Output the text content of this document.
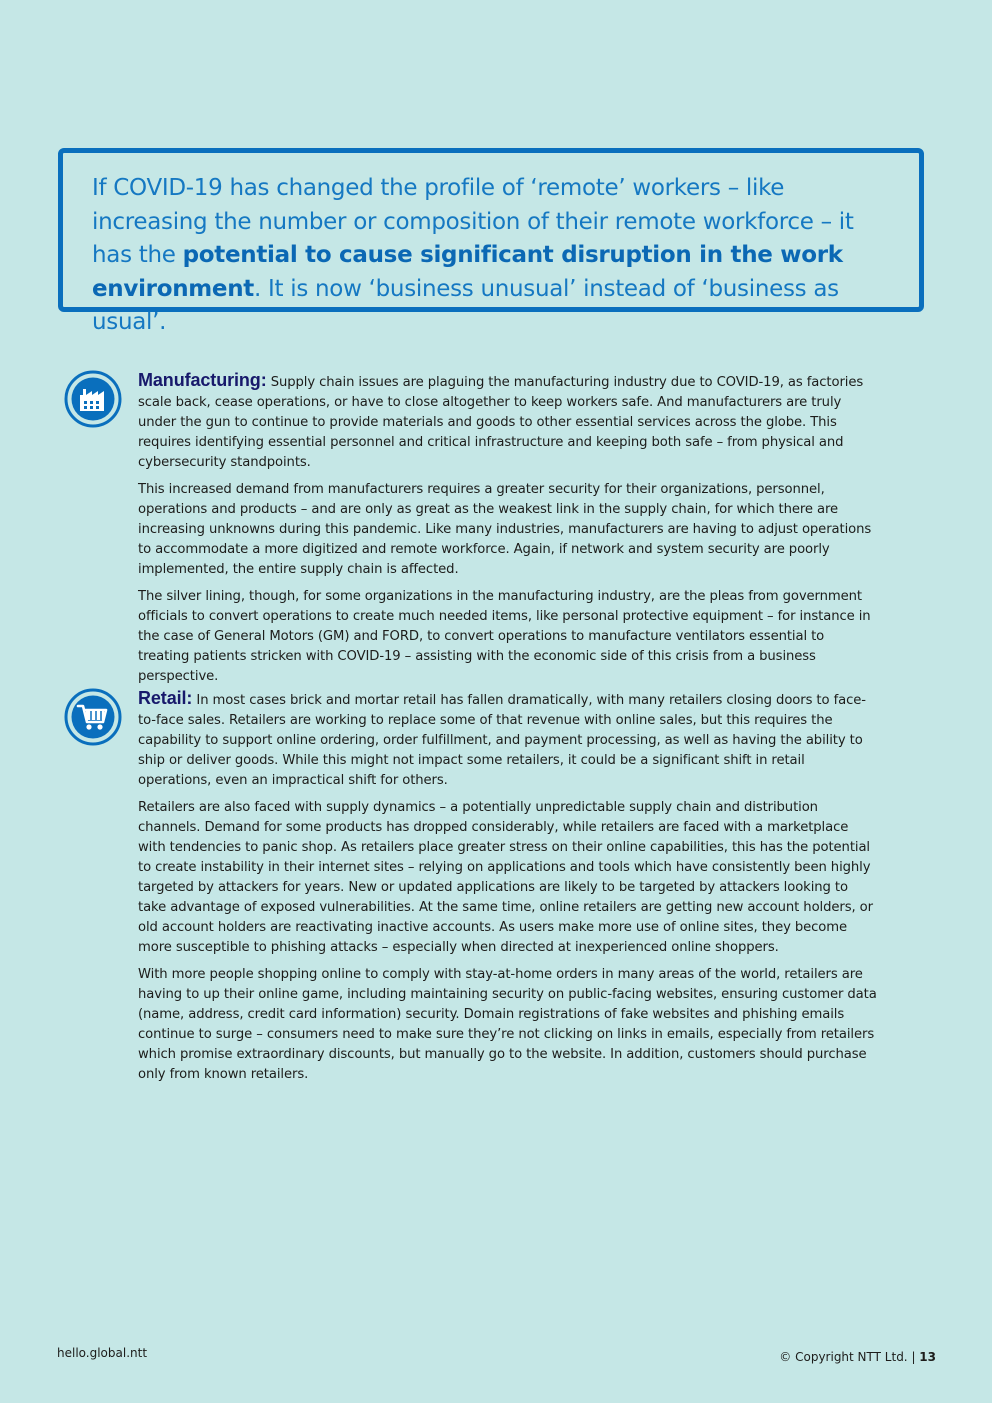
If COVID-19 has changed the profile of ‘remote’ workers – like increasing the number or composition of their remote workforce – it has the potential to cause significant disruption in the work environment. It is now ‘business unusual’ instead of ‘business as usual’.

Manufacturing: Supply chain issues are plaguing the manufacturing industry due to COVID-19, as factories scale back, cease operations, or have to close altogether to keep workers safe. And manufacturers are truly under the gun to continue to provide materials and goods to other essential services across the globe. This requires identifying essential personnel and critical infrastructure and keeping both safe – from physical and cybersecurity standpoints.

This increased demand from manufacturers requires a greater security for their organizations, personnel, operations and products – and are only as great as the weakest link in the supply chain, for which there are increasing unknowns during this pandemic. Like many industries, manufacturers are having to adjust operations to accommodate a more digitized and remote workforce. Again, if network and system security are poorly implemented, the entire supply chain is affected.

The silver lining, though, for some organizations in the manufacturing industry, are the pleas from government officials to convert operations to create much needed items, like personal protective equipment – for instance in the case of General Motors (GM) and FORD, to convert operations to manufacture ventilators essential to treating patients stricken with COVID-19 – assisting with the economic side of this crisis from a business perspective.

Retail: In most cases brick and mortar retail has fallen dramatically, with many retailers closing doors to face-to-face sales. Retailers are working to replace some of that revenue with online sales, but this requires the capability to support online ordering, order fulfillment, and payment processing, as well as having the ability to ship or deliver goods. While this might not impact some retailers, it could be a significant shift in retail operations, even an impractical shift for others.

Retailers are also faced with supply dynamics – a potentially unpredictable supply chain and distribution channels. Demand for some products has dropped considerably, while retailers are faced with a marketplace with tendencies to panic shop. As retailers place greater stress on their online capabilities, this has the potential to create instability in their internet sites – relying on applications and tools which have consistently been highly targeted by attackers for years. New or updated applications are likely to be targeted by attackers looking to take advantage of exposed vulnerabilities. At the same time, online retailers are getting new account holders, or old account holders are reactivating inactive accounts. As users make more use of online sites, they become more susceptible to phishing attacks – especially when directed at inexperienced online shoppers.

With more people shopping online to comply with stay-at-home orders in many areas of the world, retailers are having to up their online game, including maintaining security on public-facing websites, ensuring customer data (name, address, credit card information) security. Domain registrations of fake websites and phishing emails continue to surge – consumers need to make sure they’re not clicking on links in emails, especially from retailers which promise extraordinary discounts, but manually go to the website. In addition, customers should purchase only from known retailers.

hello.global.ntt	© Copyright NTT Ltd. | 13
